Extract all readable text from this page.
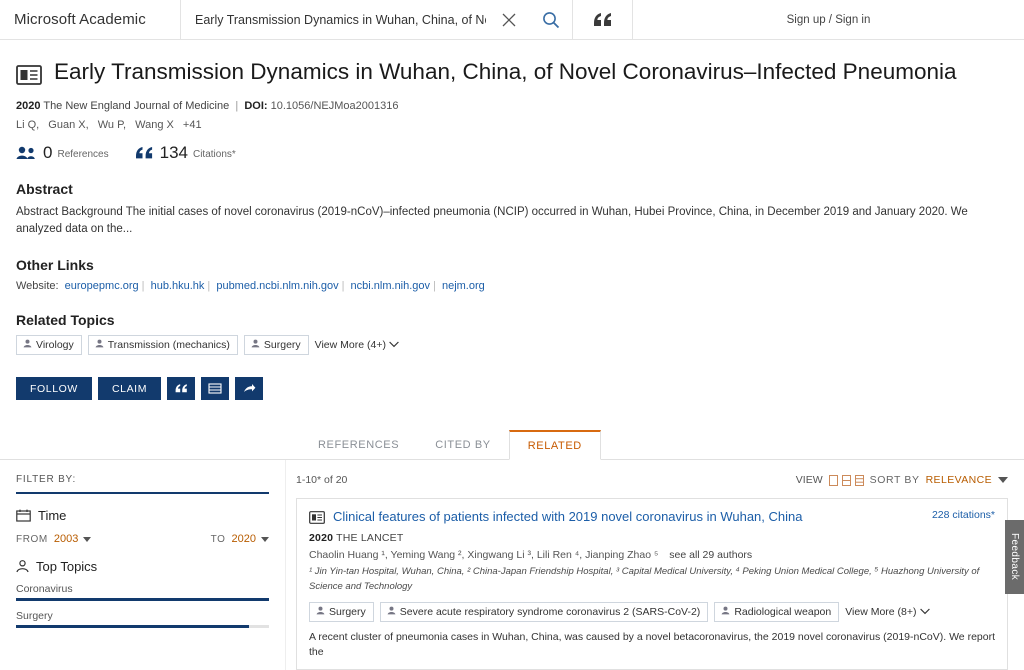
Microsoft Academic
Early Transmission Dynamics in Wuhan, China, of Novel Coronavirus–Infected Pneumonia	Sign up / Sign in
Early Transmission Dynamics in Wuhan, China, of Novel Coronavirus–Infected Pneumonia
2020 The New England Journal of Medicine  |  DOI: 10.1056/NEJMoa2001316
Li Q, Guan X, Wu P, Wang X +41
0 References	134 Citations*
Abstract
Abstract Background The initial cases of novel coronavirus (2019-nCoV)–infected pneumonia (NCIP) occurred in Wuhan, Hubei Province, China, in December 2019 and January 2020. We analyzed data on the...
Other Links
Website: europepmc.org | hub.hku.hk | pubmed.ncbi.nlm.nih.gov | ncbi.nlm.nih.gov | nejm.org
Related Topics
Virology	Transmission (mechanics)	Surgery View More (4+)
FOLLOW	CLAIM
REFERENCES	CITED BY	RELATED
FILTER BY:
Time
FROM 2003	TO 2020
Top Topics
Coronavirus
Surgery
1-10* of 20	VIEW	SORT BY RELEVANCE
Clinical features of patients infected with 2019 novel coronavirus in Wuhan, China	228 citations*
2020 THE LANCET
Chaolin Huang ¹, Yeming Wang ², Xingwang Li ³, Lili Ren ⁴, Jianping Zhao ⁵ see all 29 authors
¹ Jin Yin-tan Hospital, Wuhan, China, ² China-Japan Friendship Hospital, ³ Capital Medical University, ⁴ Peking Union Medical College, ⁵ Huazhong University of Science and Technology
Surgery	Severe acute respiratory syndrome coronavirus 2 (SARS-CoV-2)	Radiological weapon View More (8+)
A recent cluster of pneumonia cases in Wuhan, China, was caused by a novel betacoronavirus, the 2019 novel coronavirus (2019-nCoV). We report the
Feedback
